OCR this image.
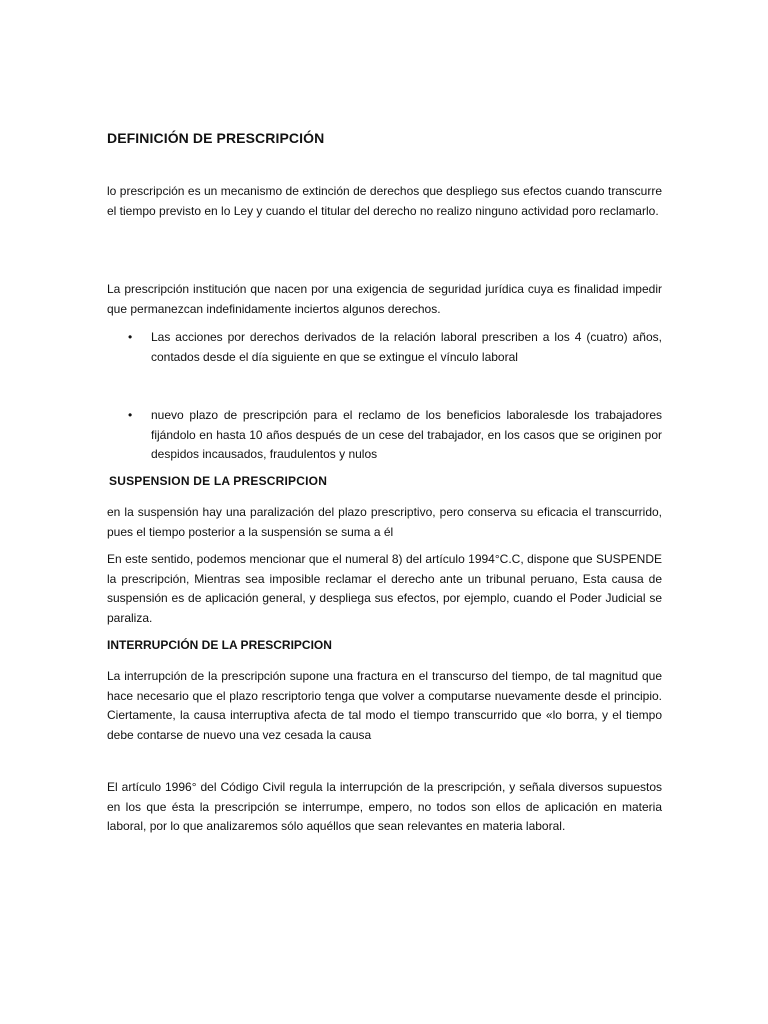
DEFINICIÓN DE PRESCRIPCIÓN

lo prescripción es un mecanismo de extinción de derechos que despliego sus efectos cuando transcurre el tiempo previsto en lo Ley y cuando el titular del derecho no realizo ninguno actividad poro reclamarlo.

La prescripción institución que nacen por una exigencia de seguridad jurídica cuya es finalidad impedir que permanezcan indefinidamente inciertos algunos derechos.

• Las acciones por derechos derivados de la relación laboral prescriben a los 4 (cuatro) años, contados desde el día siguiente en que se extingue el vínculo laboral

• nuevo plazo de prescripción para el reclamo de los beneficios laboralesde los trabajadores fijándolo en hasta 10 años después de un cese del trabajador, en los casos que se originen por despidos incausados, fraudulentos y nulos

SUSPENSION DE LA PRESCRIPCION

en la suspensión hay una paralización del plazo prescriptivo, pero conserva su eficacia el transcurrido, pues el tiempo posterior a la suspensión se suma a él

En este sentido, podemos mencionar que el numeral 8) del artículo 1994°C.C, dispone que SUSPENDE la prescripción, Mientras sea imposible reclamar el derecho ante un tribunal peruano, Esta causa de suspensión es de aplicación general, y despliega sus efectos, por ejemplo, cuando el Poder Judicial se paraliza.

INTERRUPCIÓN DE LA PRESCRIPCION

La interrupción de la prescripción supone una fractura en el transcurso del tiempo, de tal magnitud que hace necesario que el plazo rescriptorio tenga que volver a computarse nuevamente desde el principio. Ciertamente, la causa interruptiva afecta de tal modo el tiempo transcurrido que «lo borra, y el tiempo debe contarse de nuevo una vez cesada la causa

El artículo 1996° del Código Civil regula la interrupción de la prescripción, y señala diversos supuestos en los que ésta la prescripción se interrumpe, empero, no todos son ellos de aplicación en materia laboral, por lo que analizaremos sólo aquéllos que sean relevantes en materia laboral.
